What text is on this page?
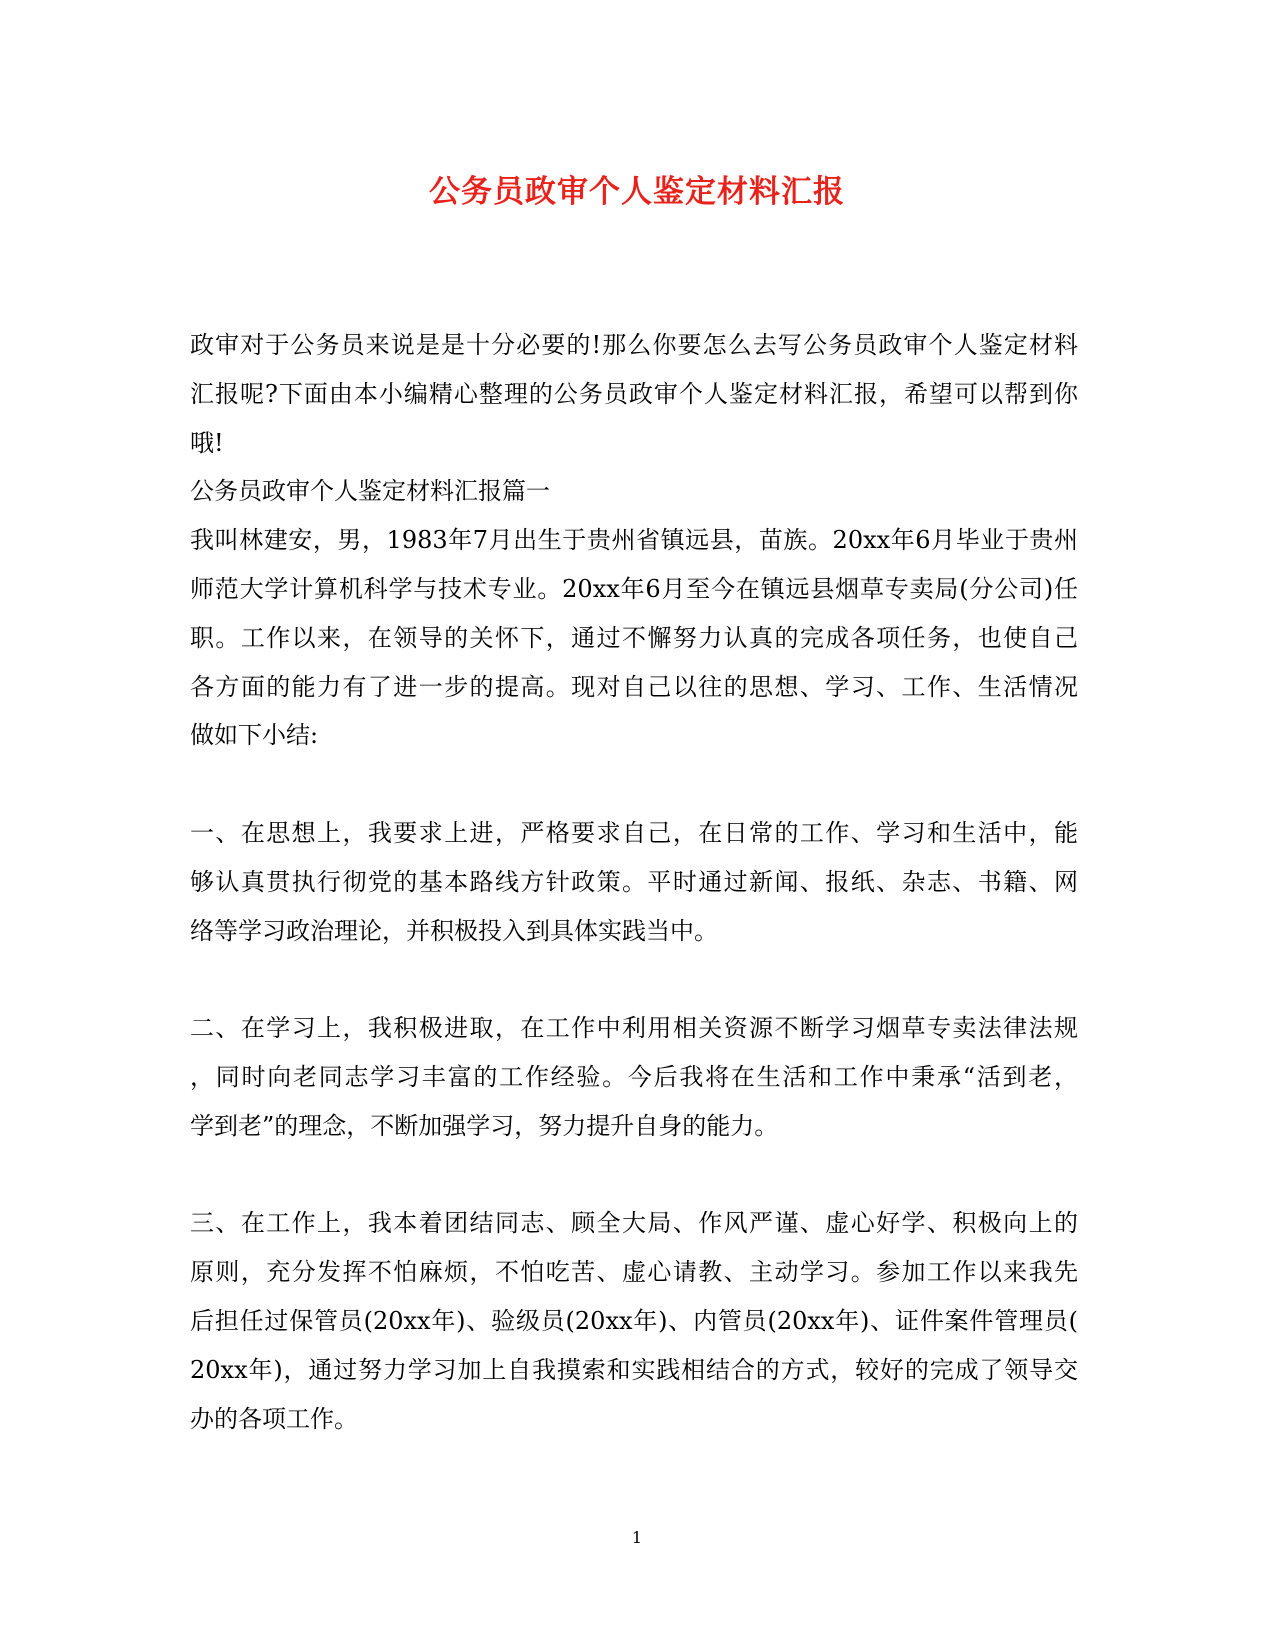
公务员政审个人鉴定材料汇报
政审对于公务员来说是是十分必要的!那么你要怎么去写公务员政审个人鉴定材料
汇报呢?下面由本小编精心整理的公务员政审个人鉴定材料汇报，希望可以帮到你
哦!
公务员政审个人鉴定材料汇报篇一
我叫林建安，男，1983年7月出生于贵州省镇远县，苗族。20xx年6月毕业于贵州
师范大学计算机科学与技术专业。20xx年6月至今在镇远县烟草专卖局(分公司)任
职。工作以来，在领导的关怀下，通过不懈努力认真的完成各项任务，也使自己
各方面的能力有了进一步的提高。现对自己以往的思想、学习、工作、生活情况
做如下小结:
一、在思想上，我要求上进，严格要求自己，在日常的工作、学习和生活中，能
够认真贯执行彻党的基本路线方针政策。平时通过新闻、报纸、杂志、书籍、网
络等学习政治理论，并积极投入到具体实践当中。
二、在学习上，我积极进取，在工作中利用相关资源不断学习烟草专卖法律法规
，同时向老同志学习丰富的工作经验。今后我将在生活和工作中秉承“活到老，
学到老”的理念，不断加强学习，努力提升自身的能力。
三、在工作上，我本着团结同志、顾全大局、作风严谨、虚心好学、积极向上的
原则，充分发挥不怕麻烦，不怕吃苦、虚心请教、主动学习。参加工作以来我先
后担任过保管员(20xx年)、验级员(20xx年)、内管员(20xx年)、证件案件管理员(
20xx年)，通过努力学习加上自我摸索和实践相结合的方式，较好的完成了领导交
办的各项工作。
1
